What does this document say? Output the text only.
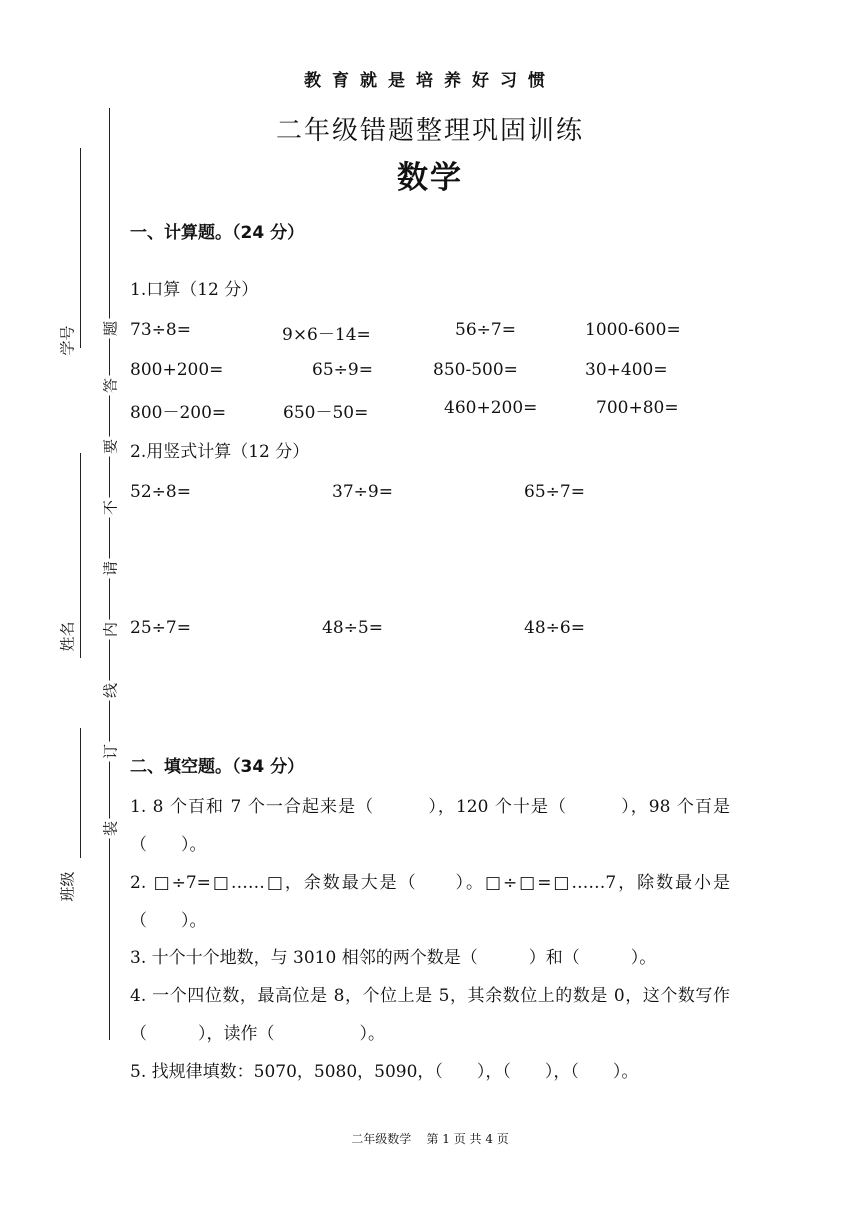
学号
姓名
班级
题
答
要
不
请
内
线
订
装
教育就是培养好习惯
二年级错题整理巩固训练
数学
一、计算题。（24 分）
1.口算（12 分）
73÷8=	9×6－14=	56÷7=	1000-600=
800+200=	65÷9=	850-500=	30+400=
800－200=	650－50=	460+200=	700+80=
2.用竖式计算（12 分）
52÷8=	37÷9=	65÷7=
25÷7=	48÷5=	48÷6=
二、填空题。（34 分）
1. 8 个百和 7 个一合起来是（　　　），120 个十是（　　　），98 个百是（　　）。
2. □÷7=□……□，余数最大是（　　）。□÷□=□……7，除数最小是（　　）。
3. 十个十个地数，与 3010 相邻的两个数是（　　　）和（　　　）。
4. 一个四位数，最高位是 8，个位上是 5，其余数位上的数是 0，这个数写作（　　　），读作（　　　　　）。
5. 找规律填数：5070，5080，5090，（　　），（　　），（　　）。
二年级数学    第 1 页 共 4 页
